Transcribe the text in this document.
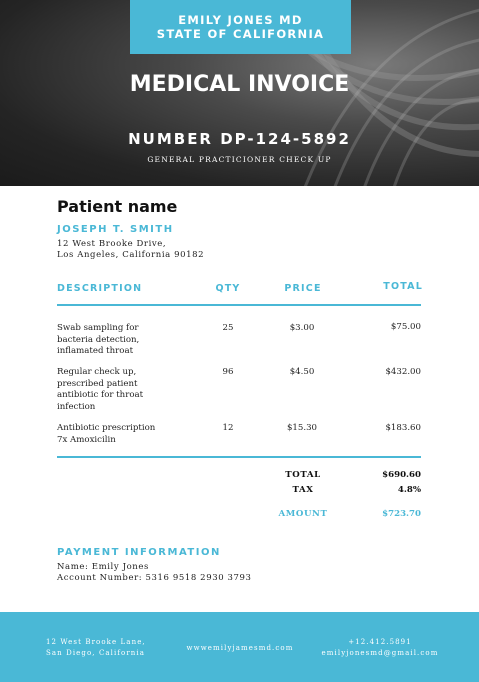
EMILY JONES MD
STATE OF CALIFORNIA
MEDICAL INVOICE
NUMBER DP-124-5892
GENERAL PRACTICIONER CHECK UP
Patient name
JOSEPH T. SMITH
12 West Brooke Drive,
Los Angeles, California 90182
DESCRIPTION	QTY	PRICE	TOTAL
Swab sampling for
bacteria detection,
inflamated throat
25	$3.00	$75.00
Regular check up,
prescribed patient
antibiotic for throat
infection
96	$4.50	$432.00
Antibiotic prescription
7x Amoxicilin
12	$15.30	$183.60
TOTAL	$690.60
TAX	4.8%
AMOUNT	$723.70
PAYMENT INFORMATION
Name: Emily Jones
Account Number: 5316 9518 2930 3793
12 West Brooke Lane,
San Diego, California
wwwemilyjamesmd.com
+12.412.5891
emilyjonesmd@gmail.com
